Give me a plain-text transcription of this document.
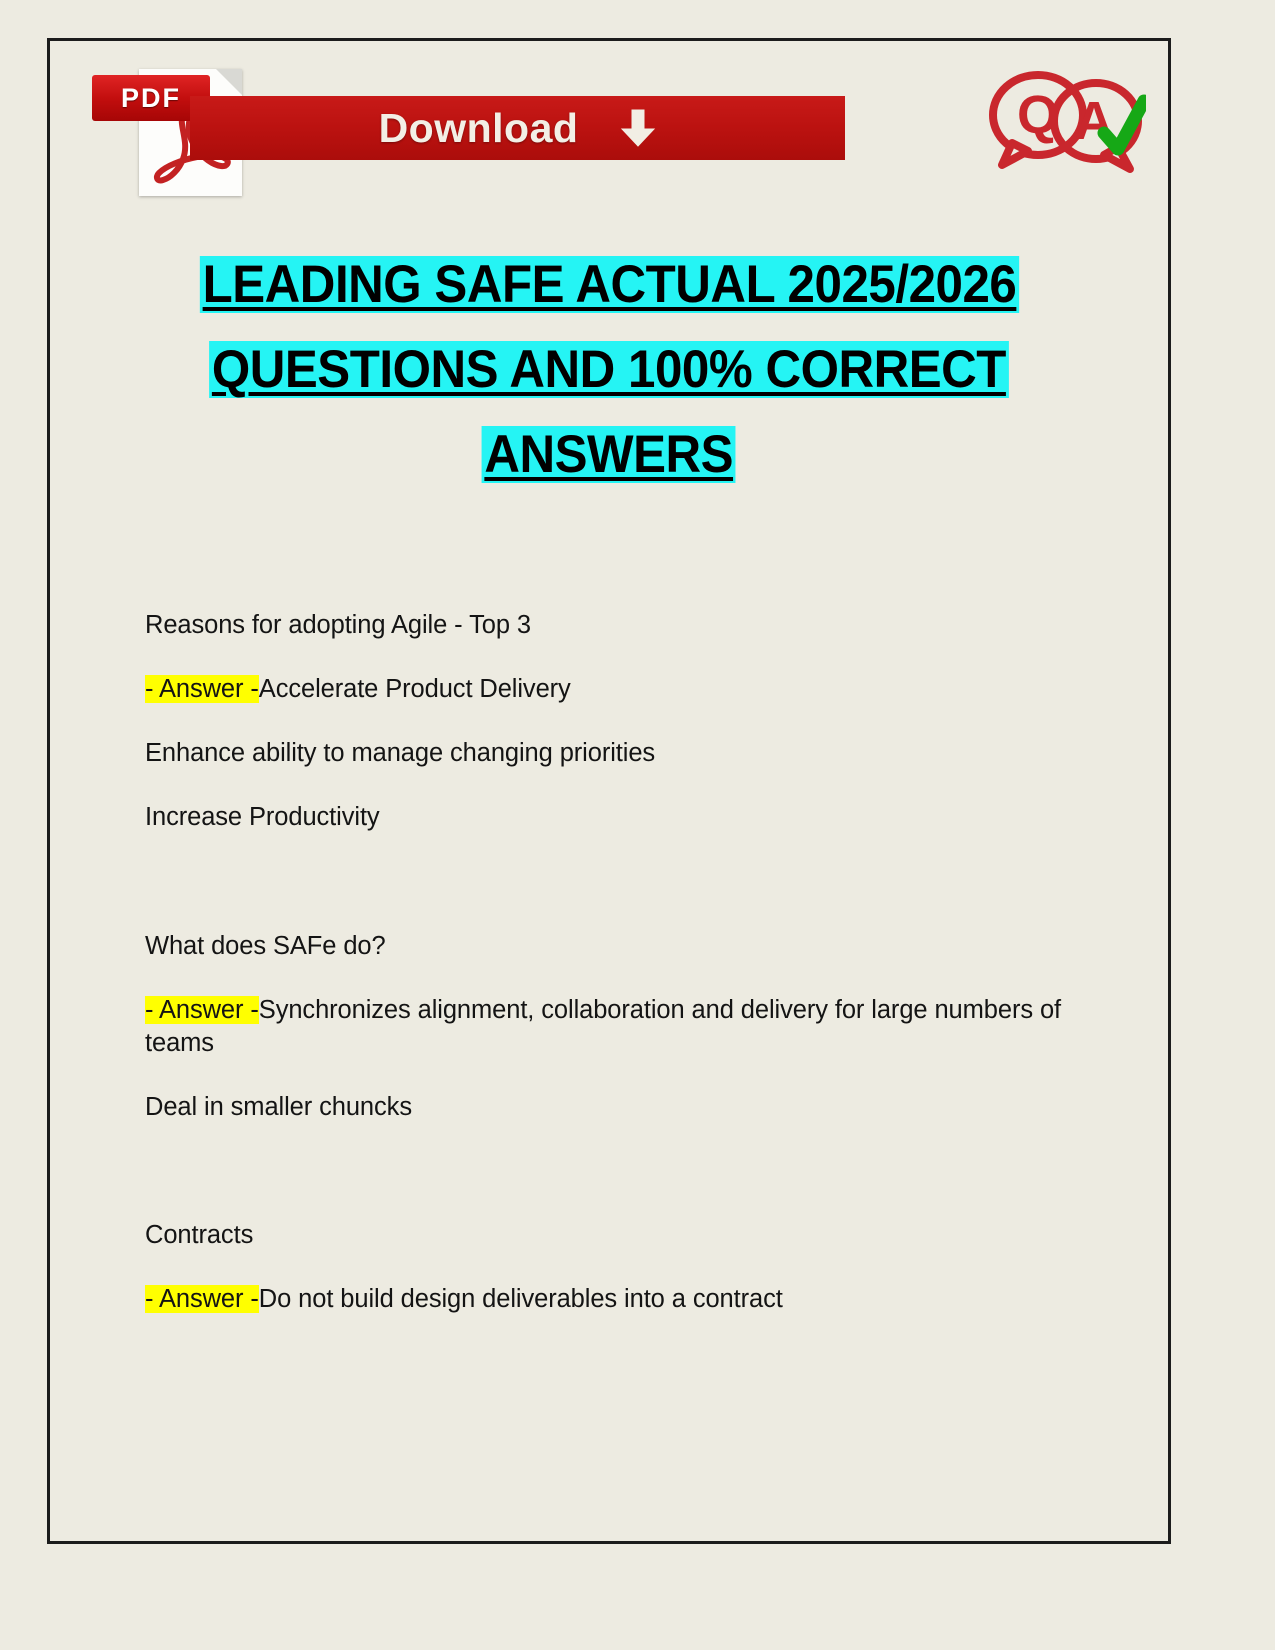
PDF
Download	Q A
LEADING SAFE ACTUAL 2025/2026
QUESTIONS AND 100% CORRECT
ANSWERS

Reasons for adopting Agile - Top 3

- Answer -Accelerate Product Delivery

Enhance ability to manage changing priorities

Increase Productivity

What does SAFe do?

- Answer -Synchronizes alignment, collaboration and delivery for large numbers of teams

Deal in smaller chuncks

Contracts

- Answer -Do not build design deliverables into a contract
